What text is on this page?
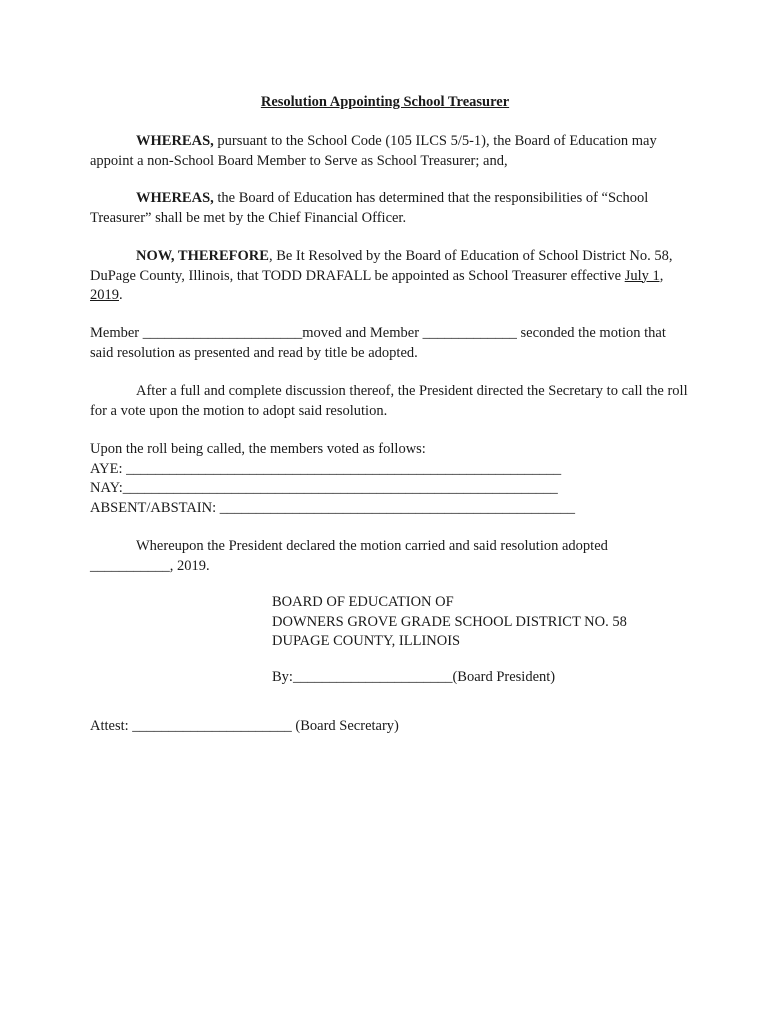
Resolution Appointing School Treasurer

WHEREAS, pursuant to the School Code (105 ILCS 5/5-1), the Board of Education may appoint a non-School Board Member to Serve as School Treasurer; and,

WHEREAS, the Board of Education has determined that the responsibilities of “School Treasurer” shall be met by the Chief Financial Officer.

NOW, THEREFORE, Be It Resolved by the Board of Education of School District No. 58, DuPage County, Illinois, that TODD DRAFALL be appointed as School Treasurer effective July 1, 2019.

Member ______________________moved and Member _____________ seconded the motion that said resolution as presented and read by title be adopted.

After a full and complete discussion thereof, the President directed the Secretary to call the roll for a vote upon the motion to adopt said resolution.

Upon the roll being called, the members voted as follows:
AYE: ____________________________________________________________
NAY:____________________________________________________________
ABSENT/ABSTAIN: _________________________________________________

Whereupon the President declared the motion carried and said resolution adopted ___________, 2019.

BOARD OF EDUCATION OF
DOWNERS GROVE GRADE SCHOOL DISTRICT NO. 58
DUPAGE COUNTY, ILLINOIS
By:______________________(Board President)

Attest: ______________________ (Board Secretary)
